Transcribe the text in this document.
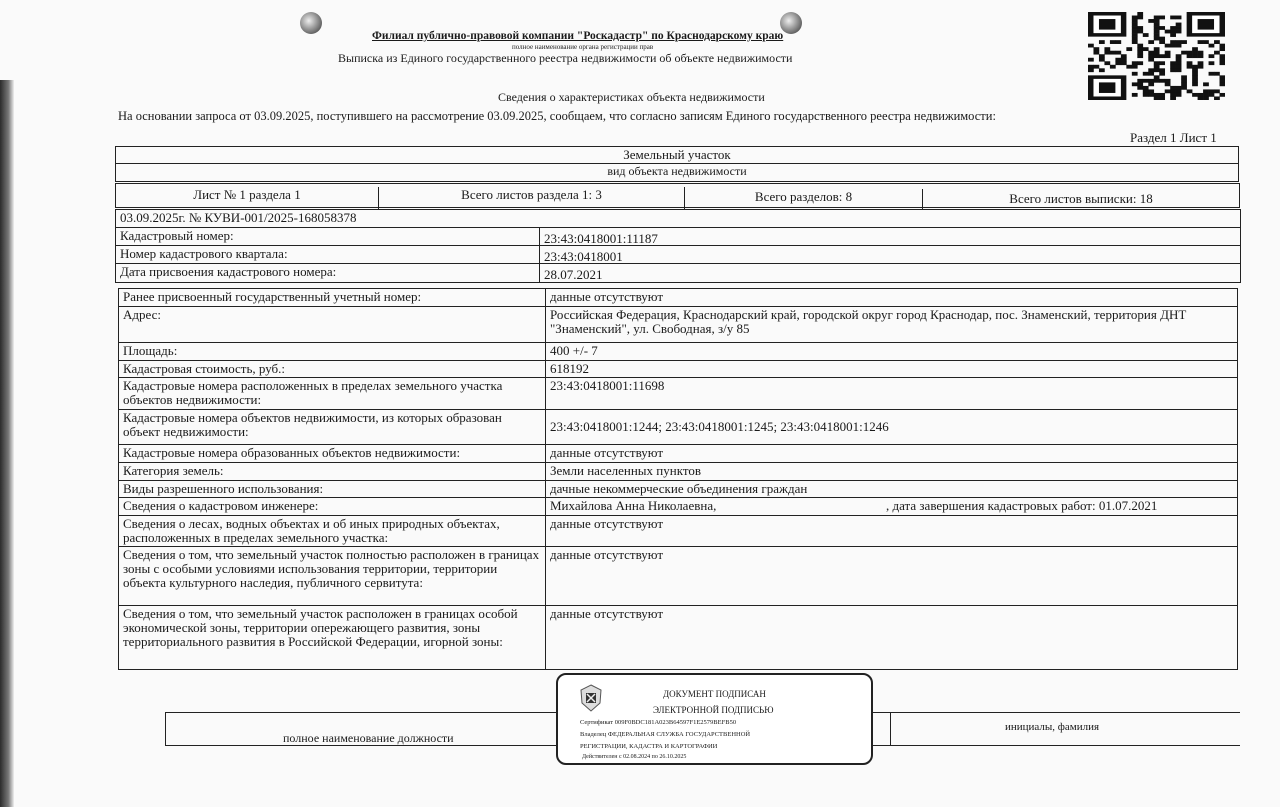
Филиал публично-правовой компании "Роскадастр" по Краснодарскому краю
полное наименование органа регистрации прав
Выписка из Единого государственного реестра недвижимости об объекте недвижимости
Сведения о характеристиках объекта недвижимости
На основании запроса от 03.09.2025, поступившего на рассмотрение 03.09.2025, сообщаем, что согласно записям Единого государственного реестра недвижимости:
Раздел 1 Лист 1
Земельный участок
вид объекта недвижимости
Лист № 1 раздела 1	Всего листов раздела 1: 3	Всего разделов: 8	Всего листов выписки: 18
03.09.2025г. № КУВИ-001/2025-168058378
Кадастровый номер:	23:43:0418001:11187
Номер кадастрового квартала:	23:43:0418001
Дата присвоения кадастрового номера:	28.07.2021
Ранее присвоенный государственный учетный номер:	данные отсутствуют
Адрес:	Российская Федерация, Краснодарский край, городской округ город Краснодар, пос. Знаменский, территория ДНТ "Знаменский", ул. Свободная, з/у 85
Площадь:	400 +/- 7
Кадастровая стоимость, руб.:	618192
Кадастровые номера расположенных в пределах земельного участка объектов недвижимости:	23:43:0418001:11698
Кадастровые номера объектов недвижимости, из которых образован объект недвижимости:	23:43:0418001:1244; 23:43:0418001:1245; 23:43:0418001:1246
Кадастровые номера образованных объектов недвижимости:	данные отсутствуют
Категория земель:	Земли населенных пунктов
Виды разрешенного использования:	дачные некоммерческие объединения граждан
Сведения о кадастровом инженере:	Михайлова Анна Николаевна, , дата завершения кадастровых работ: 01.07.2021

Сведения о лесах, водных объектах и об иных природных объектах, расположенных в пределах земельного участка:	данные отсутствуют
Сведения о том, что земельный участок полностью расположен в границах зоны с особыми условиями использования территории, территории объекта культурного наследия, публичного сервитута:	данные отсутствуют
Сведения о том, что земельный участок расположен в границах особой экономической зоны, территории опережающего развития, зоны территориального развития в Российской Федерации, игорной зоны:	данные отсутствуют
полное наименование должности
инициалы, фамилия
ДОКУМЕНТ ПОДПИСАН
ЭЛЕКТРОННОЙ ПОДПИСЬЮ
Сертификат 009F0BDC181A023B64597F1E2579BEFB50
Владелец ФЕДЕРАЛЬНАЯ СЛУЖБА ГОСУДАРСТВЕННОЙ
РЕГИСТРАЦИИ, КАДАСТРА И КАРТОГРАФИИ
Действителен с 02.08.2024 по 26.10.2025
